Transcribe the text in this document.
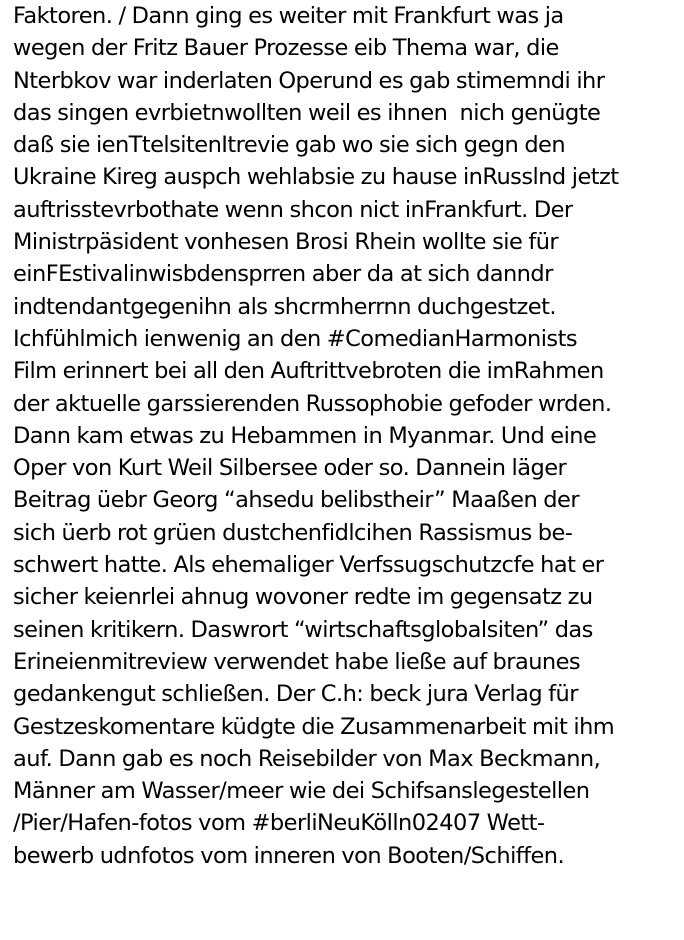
Faktoren. / Dann ging es weiter mit Frankfurt was ja
wegen der Fritz Bauer Prozesse eib Thema war, die
Nterbkov war inderlaten Operund es gab stimemndi ihr
das singen evrbietnwollten weil es ihnen  nich genügte
daß sie ienTtelsitenItrevie gab wo sie sich gegn den
Ukraine Kireg auspch wehlabsie zu hause inRusslnd jetzt
auftrisstevrbothate wenn shcon nict inFrankfurt. Der
Ministrpäsident vonhesen Brosi Rhein wollte sie für
einFEstivalinwisbdensprren aber da at sich danndr
indtendantgegenihn als shcrmherrnn duchgestzet.
Ichfühlmich ienwenig an den #ComedianHarmonists
Film erinnert bei all den Auftrittvebroten die imRahmen
der aktuelle garssierenden Russophobie gefoder wrden.
Dann kam etwas zu Hebammen in Myanmar. Und eine
Oper von Kurt Weil Silbersee oder so. Dannein läger
Beitrag üebr Georg “ahsedu belibstheir” Maaßen der
sich üerb rot grüen dustchenfidlcihen Rassismus be-
schwert hatte. Als ehemaliger Verfssugschutzcfe hat er
sicher keienrlei ahnug wovoner redte im gegensatz zu
seinen kritikern. Daswrort “wirtschaftsglobalsiten” das
Erineienmitreview verwendet habe ließe auf braunes
gedankengut schließen. Der C.h: beck jura Verlag für
Gestzeskomentare küdgte die Zusammenarbeit mit ihm
auf. Dann gab es noch Reisebilder von Max Beckmann,
Männer am Wasser/meer wie dei Schifsanslegestellen
/Pier/Hafen-fotos vom #berliNeuKölln02407 Wett-
bewerb udnfotos vom inneren von Booten/Schiffen.
